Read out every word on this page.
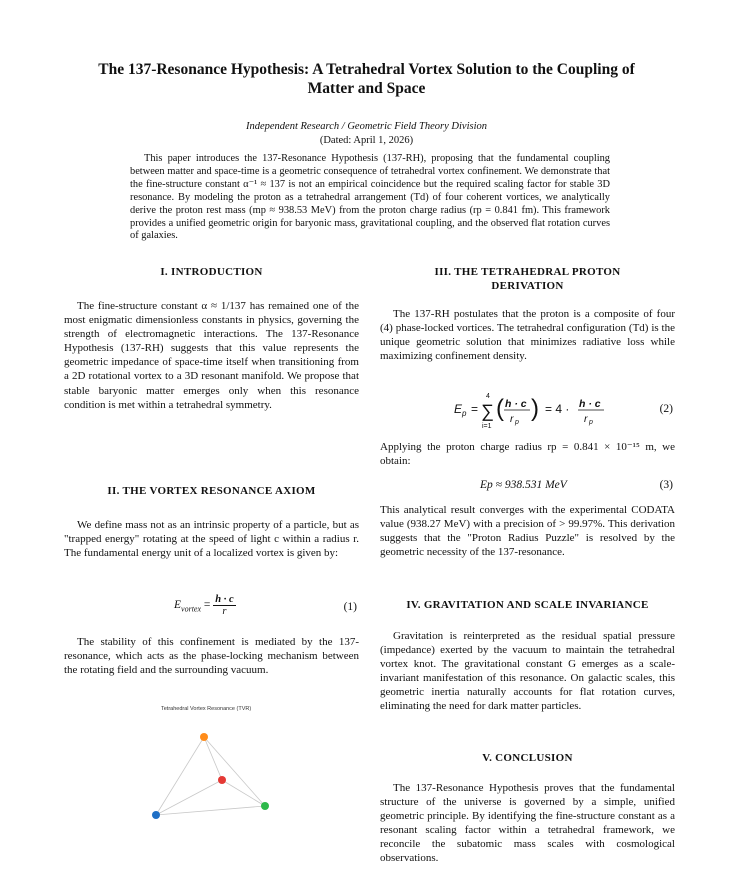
The 137-Resonance Hypothesis: A Tetrahedral Vortex Solution to the Coupling of
Matter and Space
Independent Research / Geometric Field Theory Division
(Dated: April 1, 2026)

This paper introduces the 137-Resonance Hypothesis (137-RH), proposing that the fundamental coupling between matter and space-time is a geometric consequence of tetrahedral vortex confinement. We demonstrate that the fine-structure constant α⁻¹ ≈ 137 is not an empirical coincidence but the required scaling factor for stable 3D resonance. By modeling the proton as a tetrahedral arrangement (Td) of four coherent vortices, we analytically derive the proton rest mass (mp ≈ 938.53 MeV) from the proton charge radius (rp = 0.841 fm). This framework provides a unified geometric origin for baryonic mass, gravitational coupling, and the observed flat rotation curves of galaxies.

I. INTRODUCTION

The fine-structure constant α ≈ 1/137 has remained one of the most enigmatic dimensionless constants in physics, governing the strength of electromagnetic interactions. The 137-Resonance Hypothesis (137-RH) suggests that this value represents the geometric impedance of space-time itself when transitioning from a 2D rotational vortex to a 3D resonant manifold. We propose that stable baryonic matter emerges only when this resonance condition is met within a tetrahedral symmetry.

II. THE VORTEX RESONANCE AXIOM

We define mass not as an intrinsic property of a particle, but as "trapped energy" rotating at the speed of light c within a radius r. The fundamental energy unit of a localized vortex is given by:

$E_{vortex} = \frac{h \cdot c}{r}$	(1)

The stability of this confinement is mediated by the 137-resonance, which acts as the phase-locking mechanism between the rotating field and the surrounding vacuum.

Tetrahedral Vortex Resonance (TVR)
III. THE TETRAHEDRAL PROTON
DERIVATION

The 137-RH postulates that the proton is a composite of four (4) phase-locked vortices. The tetrahedral configuration (Td) is the unique geometric solution that minimizes radiative loss while maximizing confinement density.

E p =
4
∑
i=1
( h · c
r p
) = 4 · h · c
r p
(2)

Applying the proton charge radius rp = 0.841 × 10⁻¹⁵ m, we obtain:

Ep ≈ 938.531 MeV	(3)

This analytical result converges with the experimental CODATA value (938.27 MeV) with a precision of > 99.97%. This derivation suggests that the "Proton Radius Puzzle" is resolved by the geometric necessity of the 137-resonance.

IV. GRAVITATION AND SCALE INVARIANCE

Gravitation is reinterpreted as the residual spatial pressure (impedance) exerted by the vacuum to maintain the tetrahedral vortex knot. The gravitational constant G emerges as a scale-invariant manifestation of this resonance. On galactic scales, this geometric inertia naturally accounts for flat rotation curves, eliminating the need for dark matter particles.

V. CONCLUSION

The 137-Resonance Hypothesis proves that the fundamental structure of the universe is governed by a simple, unified geometric principle. By identifying the fine-structure constant as a resonant scaling factor within a tetrahedral framework, we reconcile the subatomic mass scales with cosmological observations.
